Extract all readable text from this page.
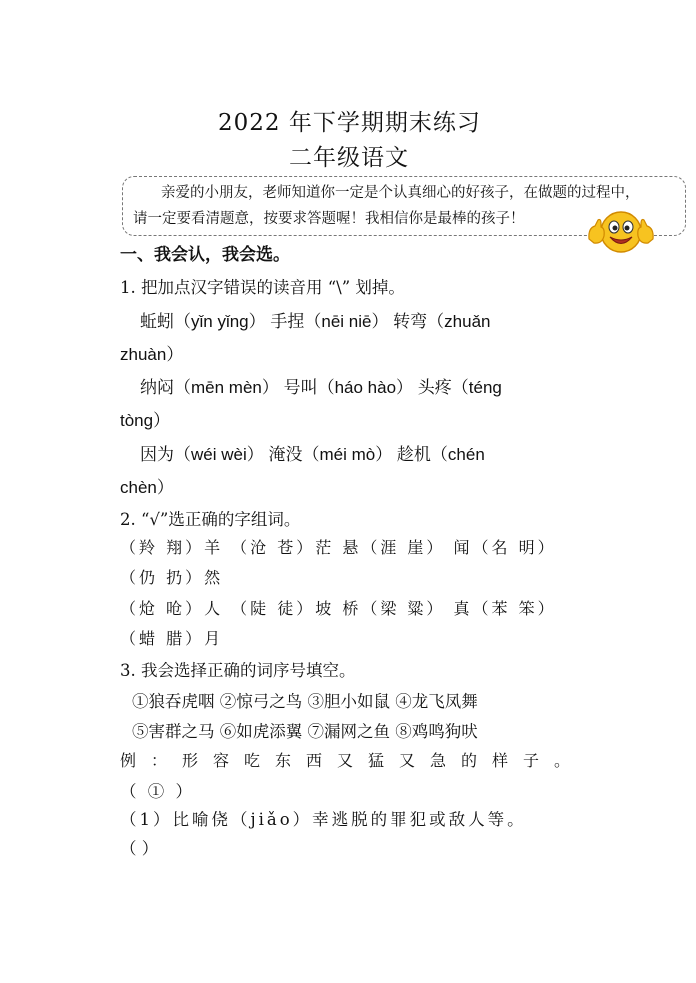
2022 年下学期期末练习
二年级语文
亲爱的小朋友，老师知道你一定是个认真细心的好孩子，在做题的过程中，
请一定要看清题意，按要求答题喔！我相信你是最棒的孩子！
一、我会认，我会选。
1. 把加点汉字错误的读音用 “\” 划掉。
蚯蚓（yǐn yǐng） 手捏（nēi niē） 转弯（zhuǎn
zhuàn）
纳闷（mēn mèn） 号叫（háo hào） 头疼（téng
tòng）
因为（wéi wèi） 淹没（méi mò） 趁机（chén
chèn）
2. “√”选正确的字组词。
（羚 翔）羊 （沧 苍）茫 悬（涯 崖） 闻（名 明）
（仍 扔）然
（炝 呛）人 （陡 徒）坡 桥（梁 粱） 真（苯 笨）
（蜡 腊）月
3. 我会选择正确的词序号填空。
①狼吞虎咽 ②惊弓之鸟 ③胆小如鼠 ④龙飞凤舞
⑤害群之马 ⑥如虎添翼 ⑦漏网之鱼 ⑧鸡鸣狗吠
例：形容吃东西又猛又急的样子。
（ ① ）
（1）比喻侥（jiǎo）幸逃脱的罪犯或敌人等。
（ ）
